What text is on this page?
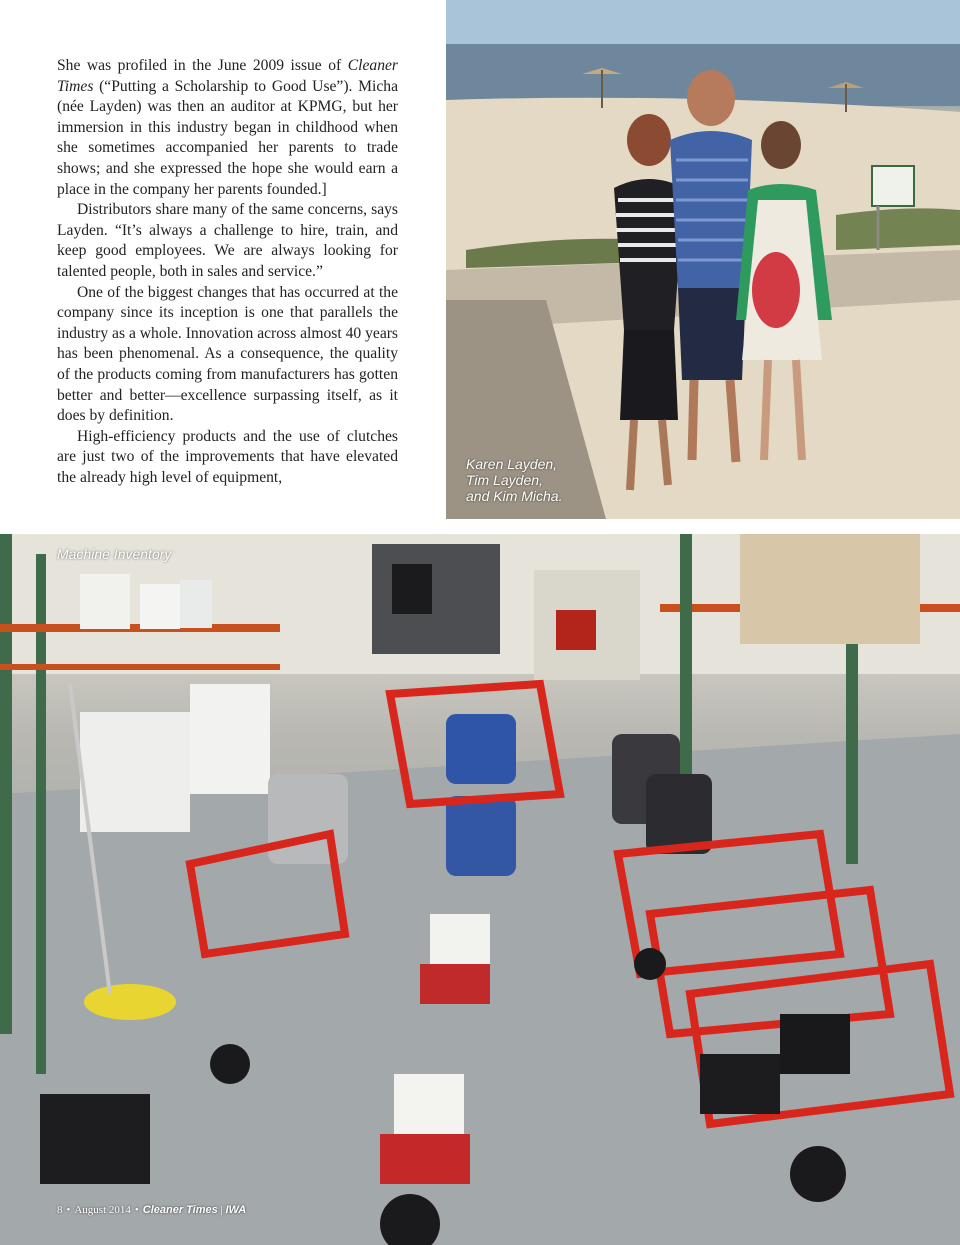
She was profiled in the June 2009 issue of Cleaner Times (“Putting a Scholarship to Good Use”). Micha (née Layden) was then an auditor at KPMG, but her immersion in this industry began in childhood when she sometimes accompanied her parents to trade shows; and she expressed the hope she would earn a place in the company her parents founded.]

Distributors share many of the same concerns, says Layden. “It’s always a challenge to hire, train, and keep good employees. We are always looking for talented people, both in sales and service.”

One of the biggest changes that has occurred at the company since its inception is one that parallels the industry as a whole. Innovation across almost 40 years has been phenomenal. As a consequence, the quality of the products coming from manufacturers has gotten better and better—excellence surpassing itself, as it does by definition.

High-efficiency products and the use of clutches are just two of the improvements that have elevated the already high level of equipment,

Karen Layden,
Tim Layden,
and Kim Micha.
Machine Inventory
8 • August 2014 • Cleaner Times | IWA
